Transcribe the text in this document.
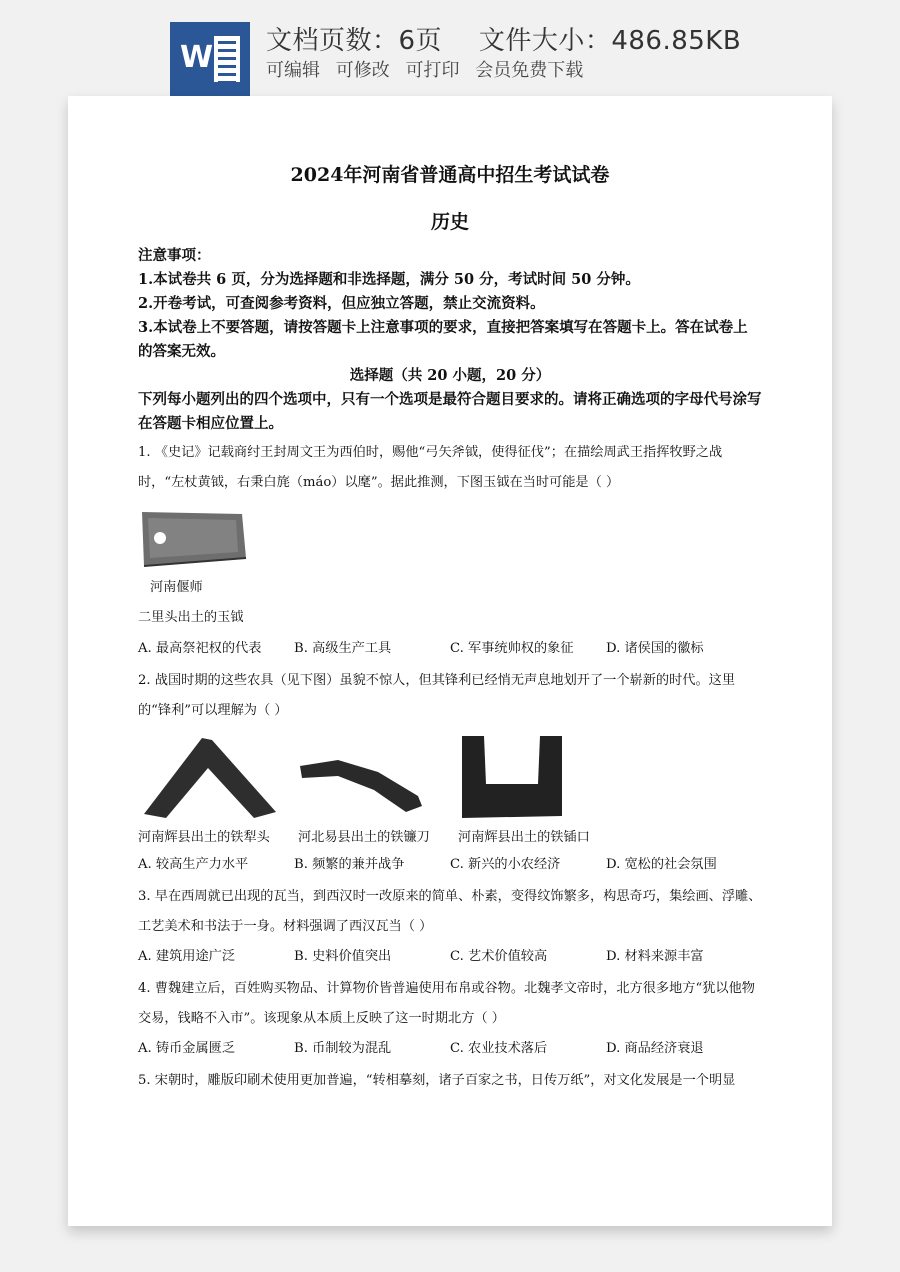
W 文档页数：6页 文件大小：486.85KB
可编辑 可修改 可打印 会员免费下载
2024年河南省普通高中招生考试试卷
历史
注意事项：
1.本试卷共 6 页，分为选择题和非选择题，满分 50 分，考试时间 50 分钟。
2.开卷考试，可查阅参考资料，但应独立答题，禁止交流资料。
3.本试卷上不要答题，请按答题卡上注意事项的要求，直接把答案填写在答题卡上。答在试卷上的答案无效。
选择题（共 20 小题，20 分）
下列每小题列出的四个选项中，只有一个选项是最符合题目要求的。请将正确选项的字母代号涂写在答题卡相应位置上。
1. 《史记》记载商纣王封周文王为西伯时，赐他“弓矢斧钺，使得征伐”；在描绘周武王指挥牧野之战时，“左杖黄钺，右秉白旄（máo）以麾”。据此推测，下图玉钺在当时可能是（ ）
河南偃师
二里头出土的玉钺
A. 最高祭祀权的代表	B. 高级生产工具	C. 军事统帅权的象征	D. 诸侯国的徽标
2. 战国时期的这些农具（见下图）虽貌不惊人，但其锋利已经悄无声息地划开了一个崭新的时代。这里的“锋利”可以理解为（ ）
河南辉县出土的铁犁头	河北易县出土的铁镰刀	河南辉县出土的铁锸口
A. 较高生产力水平	B. 频繁的兼并战争	C. 新兴的小农经济	D. 宽松的社会氛围
3. 早在西周就已出现的瓦当，到西汉时一改原来的简单、朴素，变得纹饰繁多，构思奇巧，集绘画、浮雕、工艺美术和书法于一身。材料强调了西汉瓦当（ ）
A. 建筑用途广泛	B. 史料价值突出	C. 艺术价值较高	D. 材料来源丰富
4. 曹魏建立后，百姓购买物品、计算物价皆普遍使用布帛或谷物。北魏孝文帝时，北方很多地方“犹以他物交易，钱略不入市”。该现象从本质上反映了这一时期北方（ ）
A. 铸币金属匮乏	B. 币制较为混乱	C. 农业技术落后	D. 商品经济衰退
5. 宋朝时，雕版印刷术使用更加普遍，“转相摹刻，诸子百家之书，日传万纸”，对文化发展是一个明显
